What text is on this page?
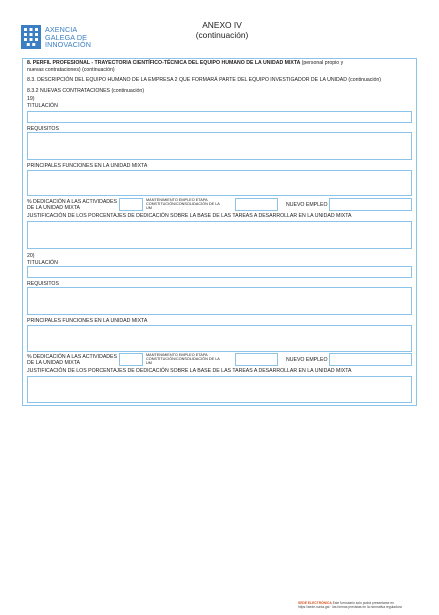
AXENCIA
GALEGA DE
INNOVACIÓN
ANEXO IV
(continuación)
8. PERFIL PROFESIONAL - TRAYECTORIA CIENTÍFICO-TÉCNICA DEL EQUIPO HUMANO DE LA UNIDAD MIXTA (personal propio y
nuevas contrataciones) (continuación)
8.3. DESCRIPCIÓN DEL EQUIPO HUMANO DE LA EMPRESA 2 QUE FORMARÁ PARTE DEL EQUIPO INVESTIGADOR DE LA UNIDAD (continuación)
8.3.2 NUEVAS CONTRATACIONES (continuación)
19)
TITULACIÓN
REQUISITOS
PRINCIPALES FUNCIONES EN LA UNIDAD MIXTA
% DEDICACIÓN A LAS ACTIVIDADES
DE LA UNIDAD MIXTA
MANTENIMIENTO EMPLEO ETAPA
CONSTITUCIÓN/CONSOLIDACIÓN DE LA
UM	NUEVO EMPLEO
JUSTIFICACIÓN DE LOS PORCENTAJES DE DEDICACIÓN SOBRE LA BASE DE LAS TAREAS A DESARROLLAR EN LA UNIDAD MIXTA
20)
TITULACIÓN
REQUISITOS
PRINCIPALES FUNCIONES EN LA UNIDAD MIXTA
% DEDICACIÓN A LAS ACTIVIDADES
DE LA UNIDAD MIXTA
MANTENIMIENTO EMPLEO ETAPA
CONSTITUCIÓN/CONSOLIDACIÓN DE LA
UM	NUEVO EMPLEO
JUSTIFICACIÓN DE LOS PORCENTAJES DE DEDICACIÓN SOBRE LA BASE DE LAS TAREAS A DESARROLLAR EN LA UNIDAD MIXTA
SEDE ELECTRÓNICA Este formulario solo podrá presentarse en
https://sede.xunta.gal · las formas previstas en la normativa reguladora
